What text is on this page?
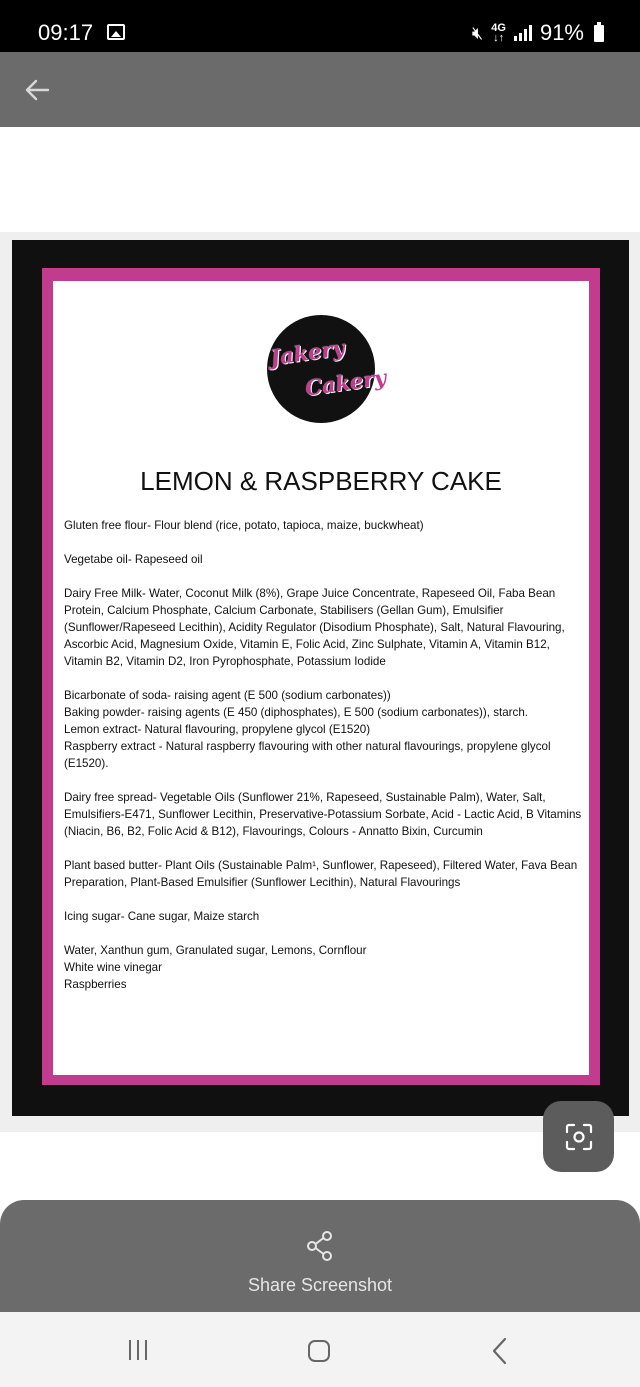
09:17	🔇︎ 4G
↓↑ 91%
Jakery
Cakery
LEMON & RASPBERRY CAKE

Gluten free flour- Flour blend (rice, potato, tapioca, maize, buckwheat)

Vegetabe oil- Rapeseed oil

Dairy Free Milk- Water, Coconut Milk (8%), Grape Juice Concentrate, Rapeseed Oil, Faba Bean Protein, Calcium Phosphate, Calcium Carbonate, Stabilisers (Gellan Gum), Emulsifier (Sunflower/Rapeseed Lecithin), Acidity Regulator (Disodium Phosphate), Salt, Natural Flavouring, Ascorbic Acid, Magnesium Oxide, Vitamin E, Folic Acid, Zinc Sulphate, Vitamin A, Vitamin B12, Vitamin B2, Vitamin D2, Iron Pyrophosphate, Potassium Iodide

Bicarbonate of soda- raising agent (E 500 (sodium carbonates))

Baking powder- raising agents (E 450 (diphosphates), E 500 (sodium carbonates)), starch.

Lemon extract- Natural flavouring, propylene glycol (E1520)

Raspberry extract - Natural raspberry flavouring with other natural flavourings, propylene glycol (E1520).

Dairy free spread- Vegetable Oils (Sunflower 21%, Rapeseed, Sustainable Palm), Water, Salt, Emulsifiers-E471, Sunflower Lecithin, Preservative-Potassium Sorbate, Acid - Lactic Acid, B Vitamins (Niacin, B6, B2, Folic Acid & B12), Flavourings, Colours - Annatto Bixin, Curcumin

Plant based butter- Plant Oils (Sustainable Palm¹, Sunflower, Rapeseed), Filtered Water, Fava Bean Preparation, Plant-Based Emulsifier (Sunflower Lecithin), Natural Flavourings

Icing sugar- Cane sugar, Maize starch

Water, Xanthun gum, Granulated sugar, Lemons, Cornflour

White wine vinegar

Raspberries

Share Screenshot
